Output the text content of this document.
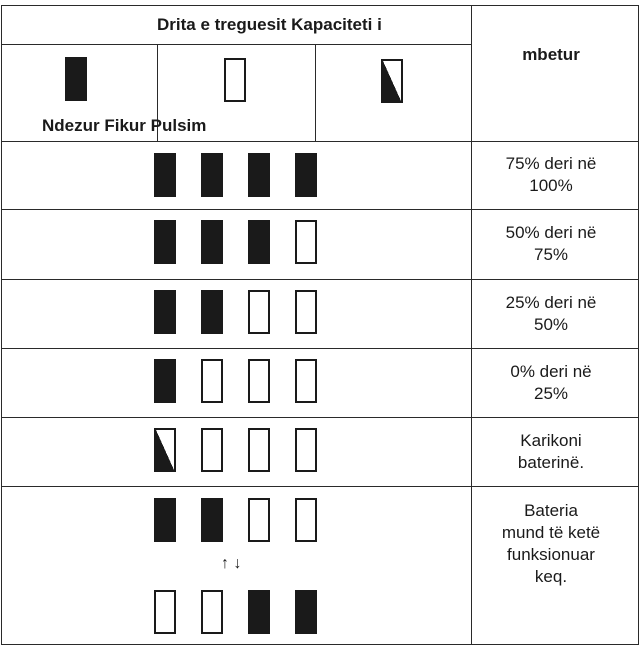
Drita e treguesit Kapaciteti i
mbetur
Ndezur Fikur Pulsim
75% deri në
100%
50% deri në
75%
25% deri në
50%
0% deri në
25%
Karikoni
baterinë.
Bateria
mund të ketë
funksionuar
keq.
↑ ↓
